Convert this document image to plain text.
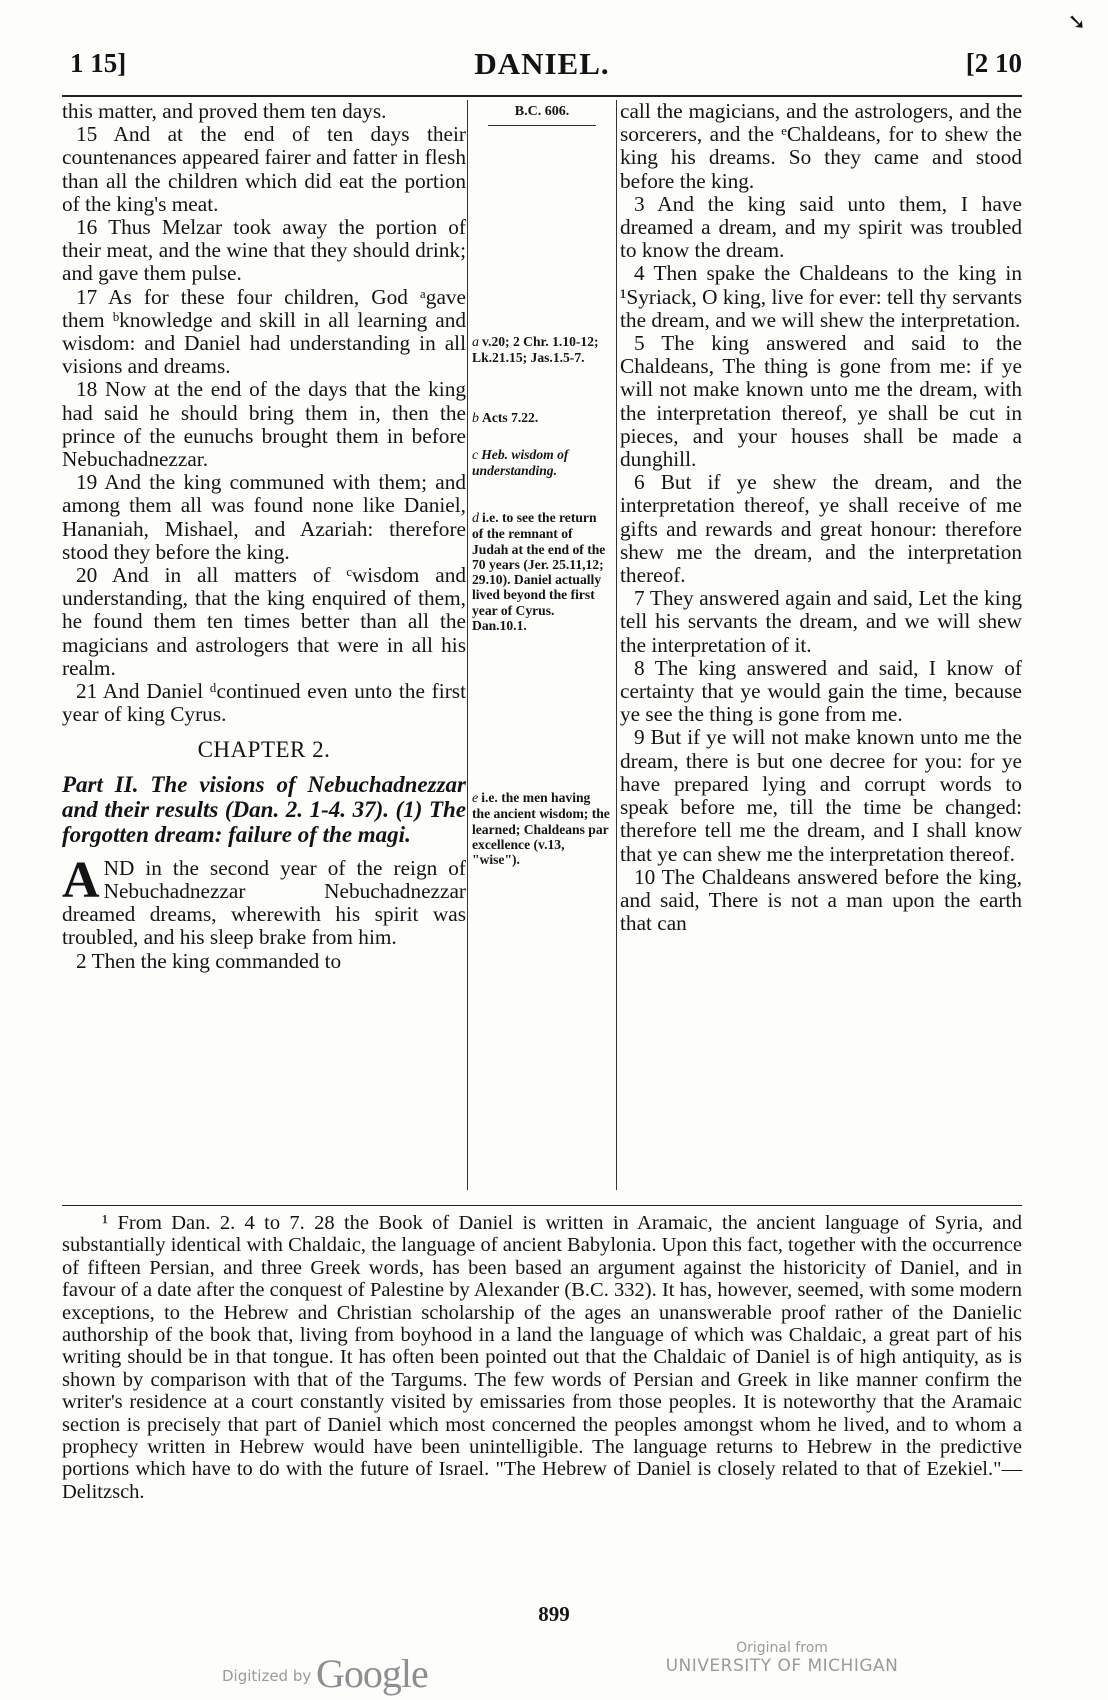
➘
1 15]	DANIEL.	[2 10

this matter, and proved them ten days.

15 And at the end of ten days their countenances appeared fairer and fatter in flesh than all the children which did eat the portion of the king's meat.

16 Thus Melzar took away the portion of their meat, and the wine that they should drink; and gave them pulse.

17 As for these four children, God ᵃgave them ᵇknowledge and skill in all learning and wisdom: and Daniel had understanding in all visions and dreams.

18 Now at the end of the days that the king had said he should bring them in, then the prince of the eunuchs brought them in before Nebuchadnezzar.

19 And the king communed with them; and among them all was found none like Daniel, Hananiah, Mishael, and Azariah: therefore stood they before the king.

20 And in all matters of ᶜwisdom and understanding, that the king enquired of them, he found them ten times better than all the magicians and astrologers that were in all his realm.

21 And Daniel ᵈcontinued even unto the first year of king Cyrus.

CHAPTER 2.
Part II. The visions of Nebuchadnezzar and their results (Dan. 2. 1-4. 37). (1) The forgotten dream: failure of the magi.

AND in the second year of the reign of Nebuchadnezzar Nebuchadnezzar dreamed dreams, wherewith his spirit was troubled, and his sleep brake from him.

2 Then the king commanded to

B.C. 606.
a v.20; 2 Chr. 1.10-12; Lk.21.15; Jas.1.5-7.
b Acts 7.22.
c Heb. wisdom of understanding.
d i.e. to see the return of the remnant of Judah at the end of the 70 years (Jer. 25.11,12; 29.10). Daniel actually lived beyond the first year of Cyrus. Dan.10.1.
e i.e. the men having the ancient wisdom; the learned; Chaldeans par excellence (v.13, "wise").

call the magicians, and the astrologers, and the sorcerers, and the ᵉChaldeans, for to shew the king his dreams. So they came and stood before the king.

3 And the king said unto them, I have dreamed a dream, and my spirit was troubled to know the dream.

4 Then spake the Chaldeans to the king in ¹Syriack, O king, live for ever: tell thy servants the dream, and we will shew the interpretation.

5 The king answered and said to the Chaldeans, The thing is gone from me: if ye will not make known unto me the dream, with the interpretation thereof, ye shall be cut in pieces, and your houses shall be made a dunghill.

6 But if ye shew the dream, and the interpretation thereof, ye shall receive of me gifts and rewards and great honour: therefore shew me the dream, and the interpretation thereof.

7 They answered again and said, Let the king tell his servants the dream, and we will shew the interpretation of it.

8 The king answered and said, I know of certainty that ye would gain the time, because ye see the thing is gone from me.

9 But if ye will not make known unto me the dream, there is but one decree for you: for ye have prepared lying and corrupt words to speak before me, till the time be changed: therefore tell me the dream, and I shall know that ye can shew me the interpretation thereof.

10 The Chaldeans answered before the king, and said, There is not a man upon the earth that can

¹ From Dan. 2. 4 to 7. 28 the Book of Daniel is written in Aramaic, the ancient language of Syria, and substantially identical with Chaldaic, the language of ancient Babylonia. Upon this fact, together with the occurrence of fifteen Persian, and three Greek words, has been based an argument against the historicity of Daniel, and in favour of a date after the conquest of Palestine by Alexander (B.C. 332). It has, however, seemed, with some modern exceptions, to the Hebrew and Christian scholarship of the ages an unanswerable proof rather of the Danielic authorship of the book that, living from boyhood in a land the language of which was Chaldaic, a great part of his writing should be in that tongue. It has often been pointed out that the Chaldaic of Daniel is of high antiquity, as is shown by comparison with that of the Targums. The few words of Persian and Greek in like manner confirm the writer's residence at a court constantly visited by emissaries from those peoples. It is noteworthy that the Aramaic section is precisely that part of Daniel which most concerned the peoples amongst whom he lived, and to whom a prophecy written in Hebrew would have been unintelligible. The language returns to Hebrew in the predictive portions which have to do with the future of Israel. "The Hebrew of Daniel is closely related to that of Ezekiel."—Delitzsch.

899
Digitized by Google
Original from
UNIVERSITY OF MICHIGAN
